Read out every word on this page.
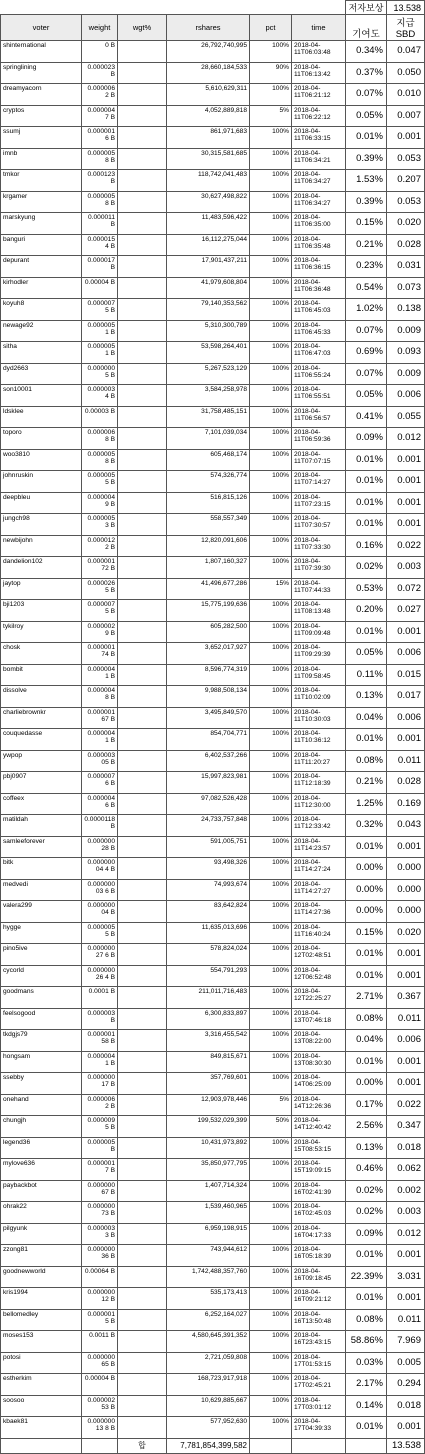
						저자보상	13.538
voter	weight	wgt%	rshares	pct	time	기여도	지급 SBD
shinternational	0 B		26,792,740,995	100%	2018-04-11T06:03:48	0.34%	0.047
springlining	0.000023 B		28,660,184,533	90%	2018-04-11T06:13:42	0.37%	0.050
dreamyacorn	0.0000062 B		5,610,629,311	100%	2018-04-11T06:21:12	0.07%	0.010
cryptos	0.0000047 B		4,052,889,818	5%	2018-04-11T06:22:12	0.05%	0.007
ssumj	0.0000016 B		861,971,683	100%	2018-04-11T06:33:15	0.01%	0.001
imnb	0.0000058 B		30,315,581,685	100%	2018-04-11T06:34:21	0.39%	0.053
tmkor	0.000123 B		118,742,041,483	100%	2018-04-11T06:34:27	1.53%	0.207
krgamer	0.0000058 B		30,627,498,822	100%	2018-04-11T06:34:27	0.39%	0.053
marskyung	0.000011 B		11,483,596,422	100%	2018-04-11T06:35:00	0.15%	0.020
banguri	0.0000154 B		16,112,275,044	100%	2018-04-11T06:35:48	0.21%	0.028
depurant	0.000017 B		17,901,437,211	100%	2018-04-11T06:36:15	0.23%	0.031
kirhodler	0.00004 B		41,979,608,804	100%	2018-04-11T06:36:48	0.54%	0.073
koyuh8	0.0000075 B		79,140,353,562	100%	2018-04-11T06:45:03	1.02%	0.138
newage92	0.0000051 B		5,310,300,789	100%	2018-04-11T06:45:33	0.07%	0.009
sitha	0.0000051 B		53,598,264,401	100%	2018-04-11T06:47:03	0.69%	0.093
dyd2663	0.0000005 B		5,267,523,129	100%	2018-04-11T06:55:24	0.07%	0.009
son10001	0.0000034 B		3,584,258,978	100%	2018-04-11T06:55:51	0.05%	0.006
ldsklee	0.00003 B		31,758,485,151	100%	2018-04-11T06:56:57	0.41%	0.055
toporo	0.0000068 B		7,101,039,034	100%	2018-04-11T06:59:36	0.09%	0.012
woo3810	0.0000058 B		605,468,174	100%	2018-04-11T07:07:15	0.01%	0.001
johnruskin	0.0000055 B		574,326,774	100%	2018-04-11T07:14:27	0.01%	0.001
deepbleu	0.0000049 B		516,815,126	100%	2018-04-11T07:23:15	0.01%	0.001
jungch98	0.0000053 B		558,557,349	100%	2018-04-11T07:30:57	0.01%	0.001
newbijohn	0.0000122 B		12,820,091,606	100%	2018-04-11T07:33:30	0.16%	0.022
dandelion102	0.00000172 B		1,807,160,327	100%	2018-04-11T07:39:30	0.02%	0.003
jaytop	0.0000265 B		41,496,677,286	15%	2018-04-11T07:44:33	0.53%	0.072
bji1203	0.0000075 B		15,775,199,636	100%	2018-04-11T08:13:48	0.20%	0.027
tykilroy	0.0000029 B		605,282,500	100%	2018-04-11T09:09:48	0.01%	0.001
chosk	0.00000174 B		3,652,017,927	100%	2018-04-11T09:29:39	0.05%	0.006
bombit	0.0000041 B		8,596,774,319	100%	2018-04-11T09:58:45	0.11%	0.015
dissolve	0.0000048 B		9,988,508,134	100%	2018-04-11T10:02:09	0.13%	0.017
charliebrownkr	0.00000167 B		3,495,849,570	100%	2018-04-11T10:30:03	0.04%	0.006
couquedasse	0.0000041 B		854,704,771	100%	2018-04-11T10:36:12	0.01%	0.001
ywpop	0.00000305 B		6,402,537,266	100%	2018-04-11T11:20:27	0.08%	0.011
pbj0907	0.0000076 B		15,997,823,981	100%	2018-04-11T12:18:39	0.21%	0.028
coffeex	0.0000046 B		97,082,526,428	100%	2018-04-11T12:30:00	1.25%	0.169
matildah	0.0000118 B		24,733,757,848	100%	2018-04-11T12:33:42	0.32%	0.043
samleeforever	0.00000028 B		591,005,751	100%	2018-04-11T14:23:57	0.01%	0.001
bitk	0.00000004 4 B		93,498,326	100%	2018-04-11T14:27:24	0.00%	0.000
medvedi	0.00000003 6 B		74,993,674	100%	2018-04-11T14:27:27	0.00%	0.000
valera299	0.00000004 B		83,642,824	100%	2018-04-11T14:27:36	0.00%	0.000
hygge	0.0000055 B		11,635,013,696	100%	2018-04-11T16:40:24	0.15%	0.020
pino5ive	0.00000027 6 B		578,824,024	100%	2018-04-12T02:48:51	0.01%	0.001
cycorld	0.00000026 4 B		554,791,293	100%	2018-04-12T06:52:48	0.01%	0.001
goodmans	0.0001 B		211,011,716,483	100%	2018-04-12T22:25:27	2.71%	0.367
feelsogood	0.000003 B		6,300,833,897	100%	2018-04-13T07:46:18	0.08%	0.011
tkdgjs79	0.00000158 B		3,316,455,542	100%	2018-04-13T08:22:00	0.04%	0.006
hongsam	0.0000041 B		849,815,671	100%	2018-04-13T08:30:30	0.01%	0.001
ssebby	0.00000017 B		357,769,601	100%	2018-04-14T06:25:09	0.00%	0.001
onehand	0.0000062 B		12,903,978,446	5%	2018-04-14T12:26:36	0.17%	0.022
chungjh	0.0000095 B		199,532,029,399	50%	2018-04-14T12:40:42	2.56%	0.347
legend36	0.000005 B		10,431,973,892	100%	2018-04-15T08:53:15	0.13%	0.018
mylove636	0.0000017 B		35,850,977,795	100%	2018-04-15T19:09:15	0.46%	0.062
paybackbot	0.00000067 B		1,407,714,324	100%	2018-04-16T02:41:39	0.02%	0.002
ohrak22	0.00000073 B		1,539,460,965	100%	2018-04-16T02:45:03	0.02%	0.003
pilgyunk	0.0000033 B		6,959,198,915	100%	2018-04-16T04:17:33	0.09%	0.012
zzong81	0.00000036 B		743,944,612	100%	2018-04-16T05:18:39	0.01%	0.001
goodnewworld	0.00064 B		1,742,488,357,760	100%	2018-04-16T09:18:45	22.39%	3.031
kris1994	0.00000012 B		535,173,413	100%	2018-04-16T09:21:12	0.01%	0.001
bellomedley	0.0000015 B		6,252,164,027	100%	2018-04-16T13:50:48	0.08%	0.011
moses153	0.0011 B		4,580,645,391,352	100%	2018-04-16T23:43:15	58.86%	7.969
potosi	0.00000065 B		2,721,059,808	100%	2018-04-17T01:53:15	0.03%	0.005
estherkim	0.00004 B		168,723,917,918	100%	2018-04-17T02:45:21	2.17%	0.294
soosoo	0.00000253 B		10,629,885,667	100%	2018-04-17T03:01:12	0.14%	0.018
kbaek81	0.00000013 8 B		577,952,630	100%	2018-04-17T04:39:33	0.01%	0.001
		합	7,781,854,399,582				13.538
